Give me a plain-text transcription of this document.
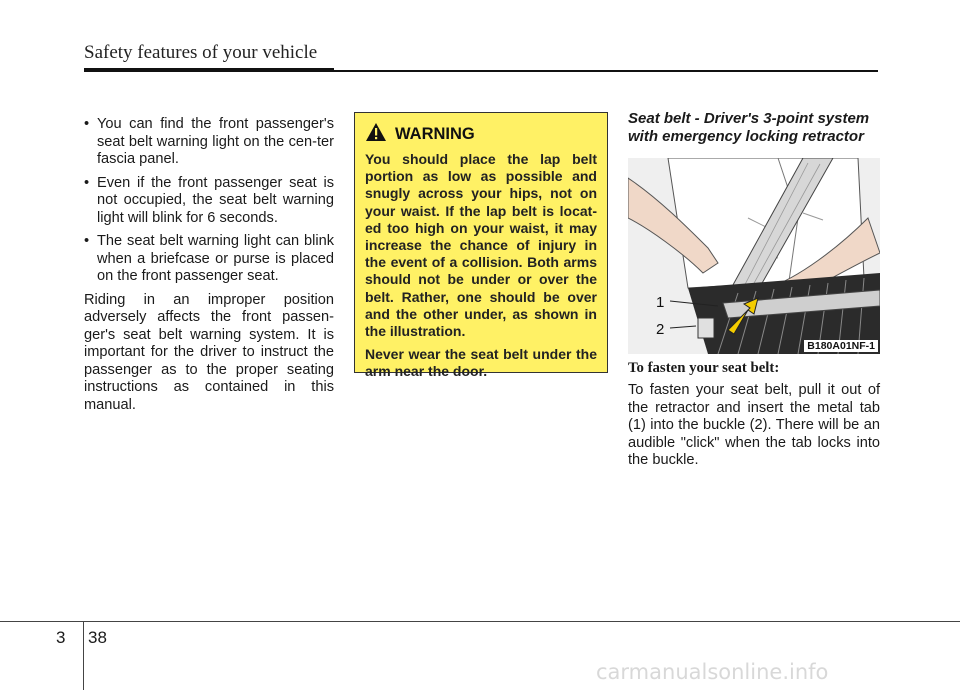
Safety features of your vehicle

• You can find the front passenger's seat belt warning light on the cen-ter fascia panel.

• Even if the front passenger seat is not occupied, the seat belt warning light will blink for 6 seconds.

• The seat belt warning light can blink when a briefcase or purse is placed on the front passenger seat.

Riding in an improper position adversely affects the front passen-ger's seat belt warning system. It is important for the driver to instruct the passenger as to the proper seating instructions as contained in this manual.

WARNING

You should place the lap belt portion as low as possible and snugly across your hips, not on your waist. If the lap belt is locat-ed too high on your waist, it may increase the chance of injury in the event of a collision. Both arms should not be under or over the belt. Rather, one should be over and the other under, as shown in the illustration.

Never wear the seat belt under the arm near the door.

Seat belt - Driver's 3-point system with emergency locking retractor

1
2
B180A01NF-1
To fasten your seat belt:

To fasten your seat belt, pull it out of the retractor and insert the metal tab (1) into the buckle (2). There will be an audible "click" when the tab locks into the buckle.

3 38
carmanualsonline.info
